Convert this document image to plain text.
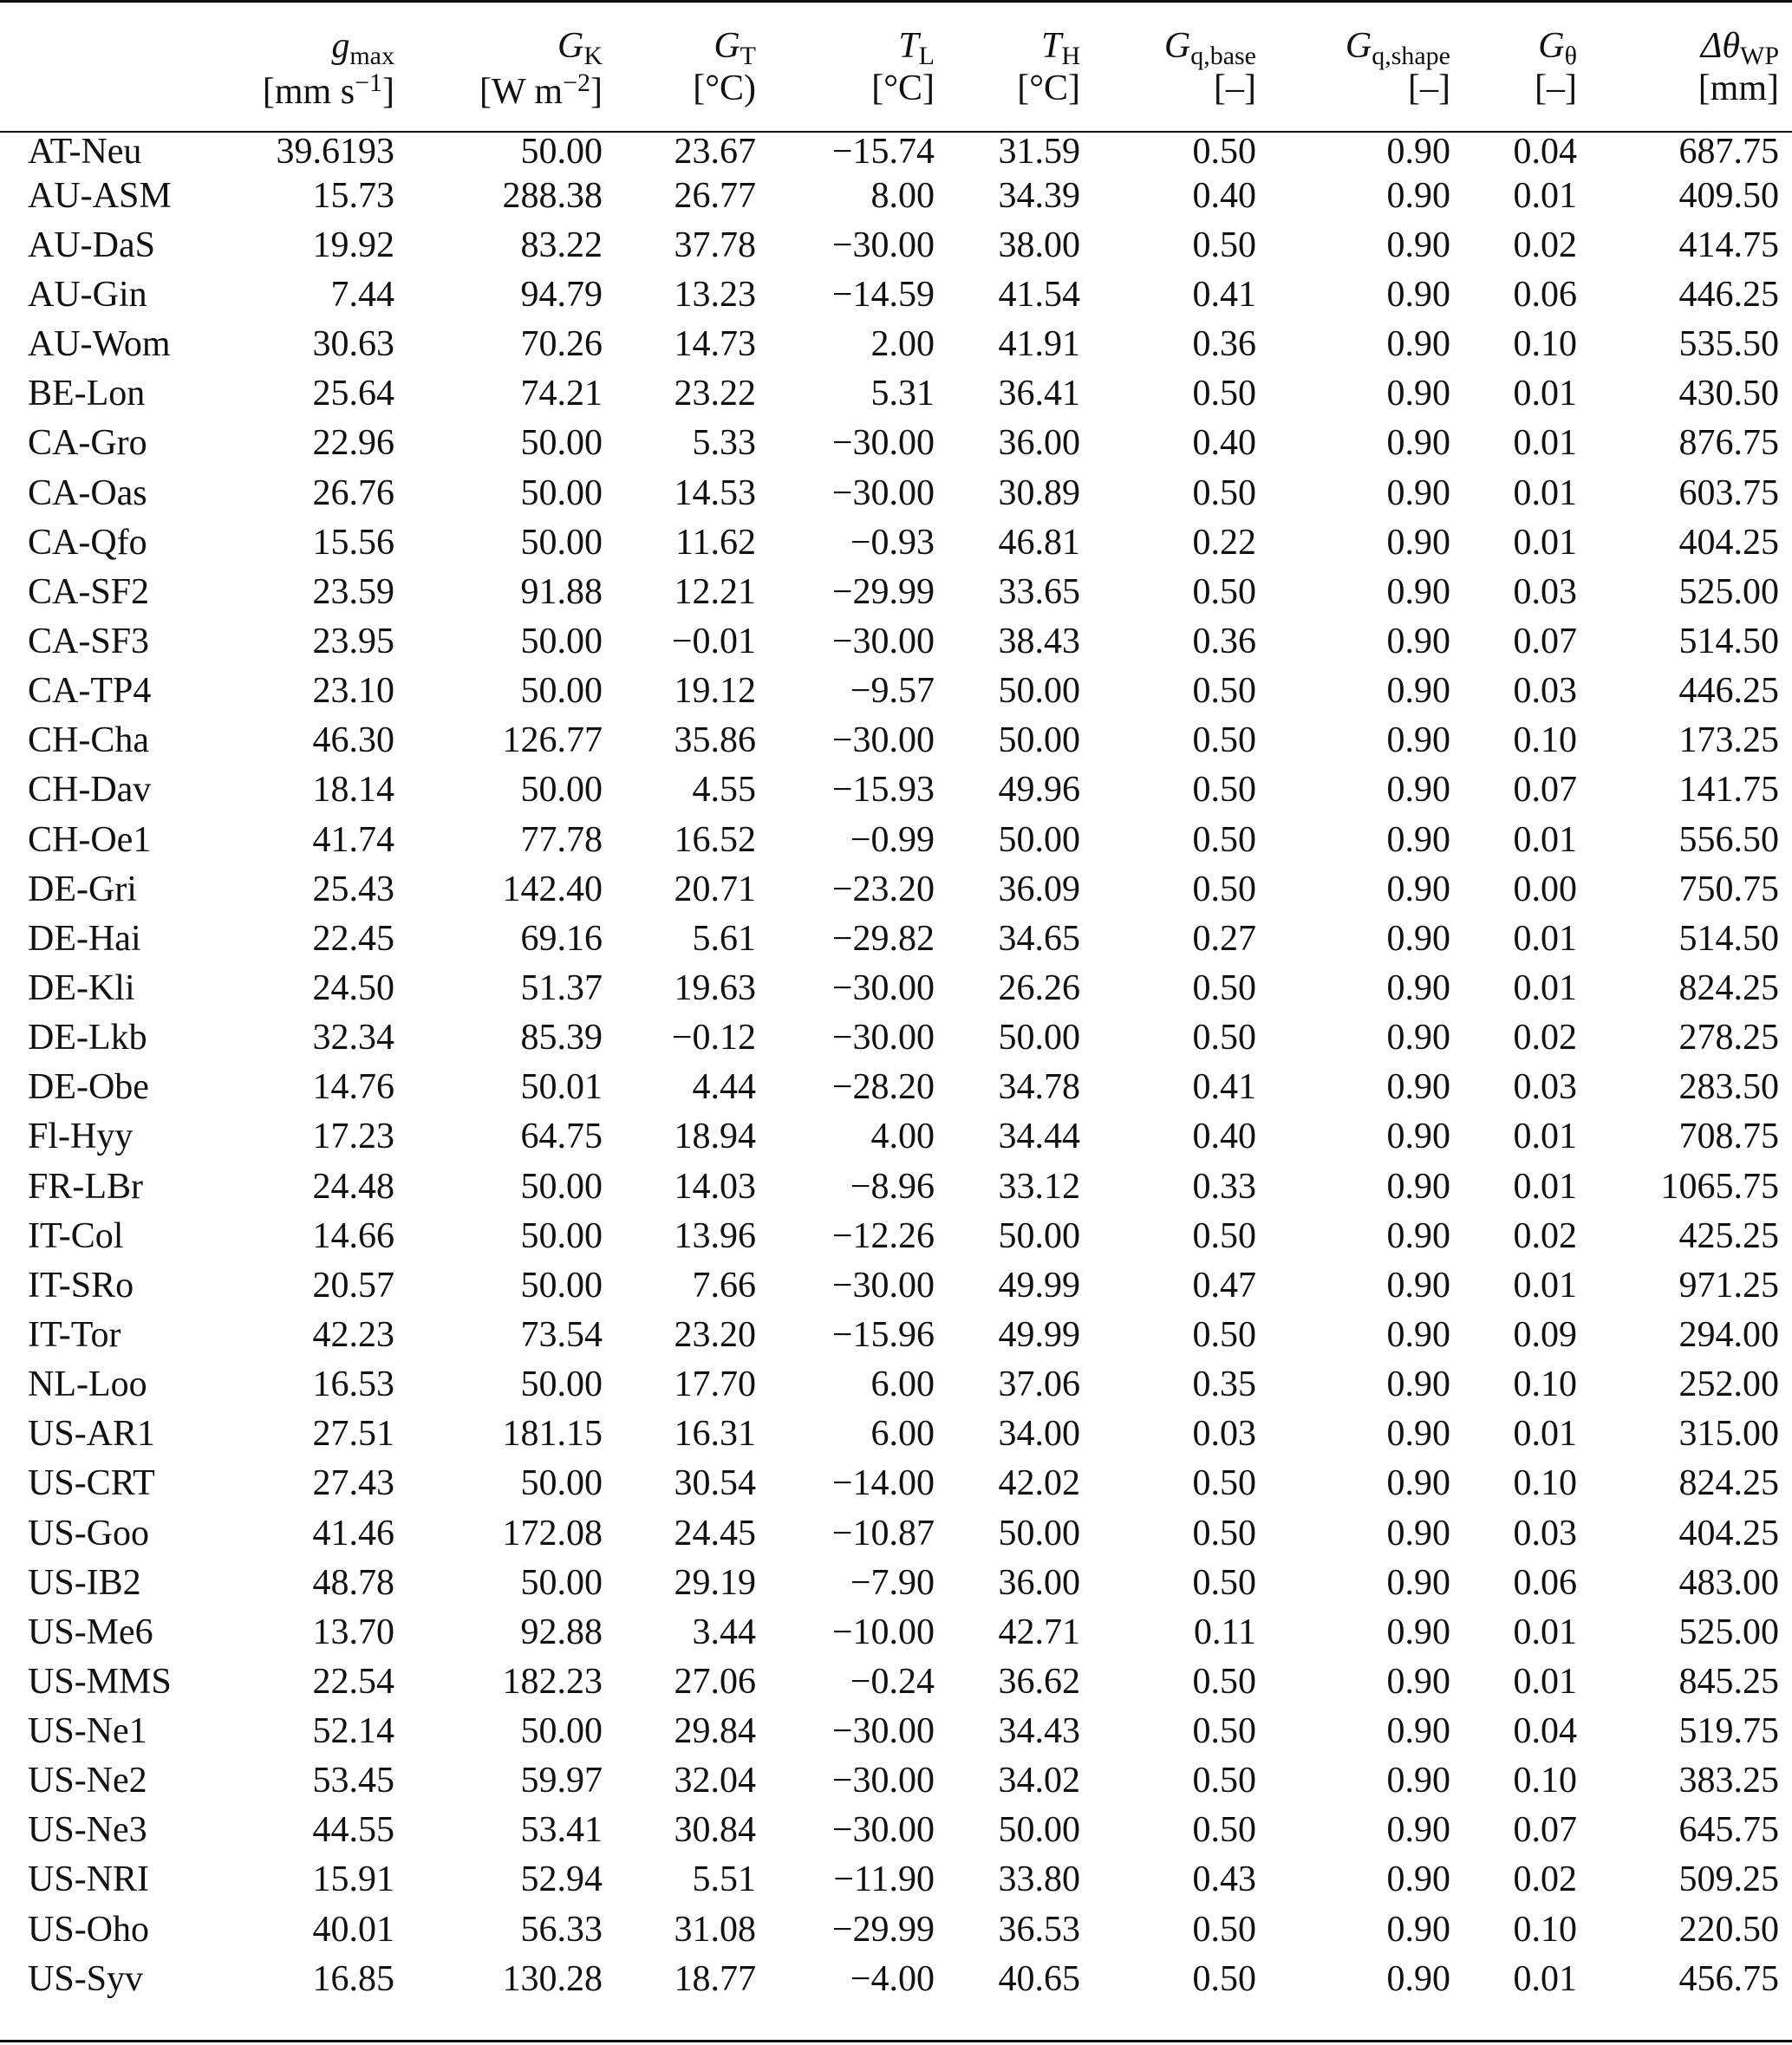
	$g_{max}$	$G_K$	$G_T$	$T_L$	$T_H$	$G_{q,base}$	$G_{q,shape}$	$G_\theta$	$\Delta\theta_{WP}$
	[mm $s^{-1}$]	[W $m^{-2}$]	[°C)	[°C]	[°C]	[–]	[–]	[–]	[mm]
AT-Neu	39.6193	50.00	23.67	−15.74	31.59	0.50	0.90	0.04	687.75
AU-ASM	15.73	288.38	26.77	8.00	34.39	0.40	0.90	0.01	409.50
AU-DaS	19.92	83.22	37.78	−30.00	38.00	0.50	0.90	0.02	414.75
AU-Gin	7.44	94.79	13.23	−14.59	41.54	0.41	0.90	0.06	446.25
AU-Wom	30.63	70.26	14.73	2.00	41.91	0.36	0.90	0.10	535.50
BE-Lon	25.64	74.21	23.22	5.31	36.41	0.50	0.90	0.01	430.50
CA-Gro	22.96	50.00	5.33	−30.00	36.00	0.40	0.90	0.01	876.75
CA-Oas	26.76	50.00	14.53	−30.00	30.89	0.50	0.90	0.01	603.75
CA-Qfo	15.56	50.00	11.62	−0.93	46.81	0.22	0.90	0.01	404.25
CA-SF2	23.59	91.88	12.21	−29.99	33.65	0.50	0.90	0.03	525.00
CA-SF3	23.95	50.00	−0.01	−30.00	38.43	0.36	0.90	0.07	514.50
CA-TP4	23.10	50.00	19.12	−9.57	50.00	0.50	0.90	0.03	446.25
CH-Cha	46.30	126.77	35.86	−30.00	50.00	0.50	0.90	0.10	173.25
CH-Dav	18.14	50.00	4.55	−15.93	49.96	0.50	0.90	0.07	141.75
CH-Oe1	41.74	77.78	16.52	−0.99	50.00	0.50	0.90	0.01	556.50
DE-Gri	25.43	142.40	20.71	−23.20	36.09	0.50	0.90	0.00	750.75
DE-Hai	22.45	69.16	5.61	−29.82	34.65	0.27	0.90	0.01	514.50
DE-Kli	24.50	51.37	19.63	−30.00	26.26	0.50	0.90	0.01	824.25
DE-Lkb	32.34	85.39	−0.12	−30.00	50.00	0.50	0.90	0.02	278.25
DE-Obe	14.76	50.01	4.44	−28.20	34.78	0.41	0.90	0.03	283.50
Fl-Hyy	17.23	64.75	18.94	4.00	34.44	0.40	0.90	0.01	708.75
FR-LBr	24.48	50.00	14.03	−8.96	33.12	0.33	0.90	0.01	1065.75
IT-Col	14.66	50.00	13.96	−12.26	50.00	0.50	0.90	0.02	425.25
IT-SRo	20.57	50.00	7.66	−30.00	49.99	0.47	0.90	0.01	971.25
IT-Tor	42.23	73.54	23.20	−15.96	49.99	0.50	0.90	0.09	294.00
NL-Loo	16.53	50.00	17.70	6.00	37.06	0.35	0.90	0.10	252.00
US-AR1	27.51	181.15	16.31	6.00	34.00	0.03	0.90	0.01	315.00
US-CRT	27.43	50.00	30.54	−14.00	42.02	0.50	0.90	0.10	824.25
US-Goo	41.46	172.08	24.45	−10.87	50.00	0.50	0.90	0.03	404.25
US-IB2	48.78	50.00	29.19	−7.90	36.00	0.50	0.90	0.06	483.00
US-Me6	13.70	92.88	3.44	−10.00	42.71	0.11	0.90	0.01	525.00
US-MMS	22.54	182.23	27.06	−0.24	36.62	0.50	0.90	0.01	845.25
US-Ne1	52.14	50.00	29.84	−30.00	34.43	0.50	0.90	0.04	519.75
US-Ne2	53.45	59.97	32.04	−30.00	34.02	0.50	0.90	0.10	383.25
US-Ne3	44.55	53.41	30.84	−30.00	50.00	0.50	0.90	0.07	645.75
US-NRI	15.91	52.94	5.51	−11.90	33.80	0.43	0.90	0.02	509.25
US-Oho	40.01	56.33	31.08	−29.99	36.53	0.50	0.90	0.10	220.50
US-Syv	16.85	130.28	18.77	−4.00	40.65	0.50	0.90	0.01	456.75
